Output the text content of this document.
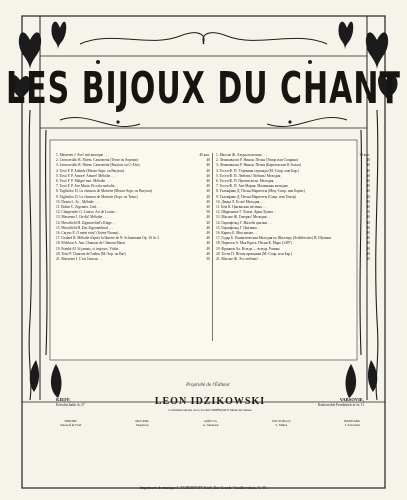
LES BIJOUX DU CHANT
1. Massenet J. Ave! mit amorque . . .	40 коп.
2. Leoncavallo R. Nitem. Canzonetta (Tenor ou Soprano)	40
3. Leoncavallo R. Nitem. Canzonetta (Baryton ou C-Alto)	40
4. Tosti F. P. Aubade (Mezzo-Sopr. ou Baryton)	40
5. Tosti F. P. Amore! Amore! Mélodie . . .	40
6. Tosti F. P. Malgré moi. Mélodie . . .	40
7. Tosti F. P. Ave Maria. Piccola melodia . .	40
8. Tagliafico D. La chanson de Mariette (Mezzo-Sopr. ou Baryton)	40
9. Tagliafico D. La chanson de Mariette (Sopr. ou Tenor)	40
10. Denza L. Si... Mélodie . . .	40
11. Bohm C. Zigeuner. Lied . . .	40
12. Charpentier G. Louise. Air de Louise . .	50
13. Massenet J. On dit! Mélodie . . .	40
14. Hirschfeld H. Zigeunerlied's Klage . .	40
15. Hirschfeld H. Das Zigeunerkind . . .	40
16. Caryus E. O mein seist! (Scène Norma) . .	40
17. Godard B. Mélodie d'après la librette de N. Schoumann Op. 10 № 3	40
18. Pérlikon A. Am. Chanson de Clément Marot	40
19. Franké Al. Si jamais, si toujours. Violin	40
20. Tosti P. Chanson de l'adieu (M.-Sop. ou Bar)	40
21. Massenet J. C'est l'amour . . .	30
1. Массне Ж. Ахура восклица . . .	30 коп.
2. Леонкавалло Р. Нинон. Песня (Тенор или Сопрано)	40
3. Леонкавалло Р. Нинон. Песня (Баритон или К-Альто)	40
4. Тости Ф. П. Утренняя серенада (М.-Сопр. или Бар.)	40
5. Тости Ф. П. Любовь! Любовь! Мелодия	40
6. Тости Ф. П. Против воли. Мелодия . .	40
7. Тости Ф. П. Аве Мария. Маленькая мелодия	40
8. Тальяфико Д. Песня Мариэтты (Мец.-Сопр. или Барит.)	40
9. Тальяфико Д. Песня Мариэтты (Сопр. или Тенор)	40
10. Денца Л. Если! Мелодия . . .	40
11. Бем К. Цыганская песенка . . .	40
12. Шарпантье Г. Луиза. Ария Луизы . .	50
13. Массне Ж. Говорят! Мелодия . . .	40
14. Гиршфельд Г. Жалоба цыгана . . .	40
15. Гиршфельд Г. Цыганка . . .	40
16. Карюс Е. Моя милая . . .	40
17. Годар Б. Романтическая Мелодия по Шиллеру (Schillersche) Н. Шумана	40
18. Перилен А. Моя Краса. Песня К. Маро (1497)	40
19. Франкен Ал. Всегда — всегда. Романс	40
20. Тости П. Песня прощанья (М.-Сопр. или Бар.)	40
21. Массне Ж. Это любовь! . . .	30
Propriété de l'Éditeur
KIEFF,
Kreschtchatik № 27	LEON IDZIKOWSKI	VARSOVIE,
Krakowskie Przedmieście № 11
Commissionnaire de la Société IMPÉRIALE Musicale Russe
ТИФЛИС
Sokoloff & Wolf
МОСКВА
Jurgenson
ОДЕССА
A. Johansen
РОСТОВ н/Д
L. Mütze
ВАРШАВА
J. Zawadzki
Imprimerie de musique L. TCHERNOFF Kieff, Rue Grande-Vassilkovskaia, № 50.
